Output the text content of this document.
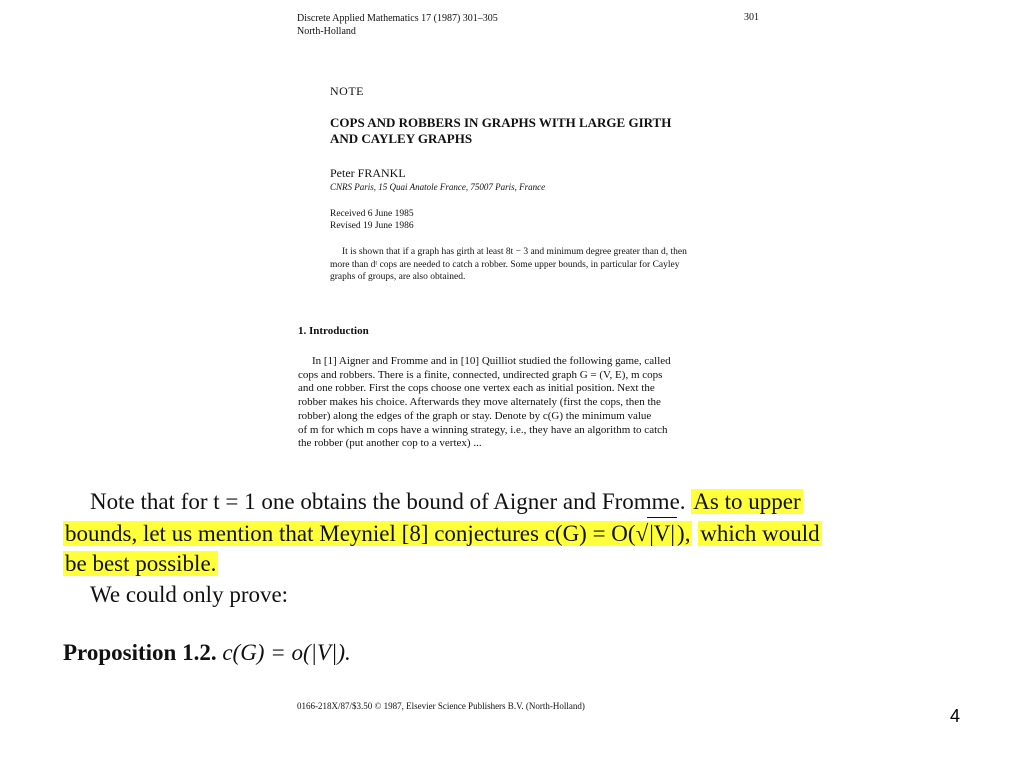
Discrete Applied Mathematics 17 (1987) 301–305
North-Holland
301
NOTE
COPS AND ROBBERS IN GRAPHS WITH LARGE GIRTH
AND CAYLEY GRAPHS
Peter FRANKL
CNRS Paris, 15 Quai Anatole France, 75007 Paris, France
Received 6 June 1985
Revised 19 June 1986
It is shown that if a graph has girth at least 8t − 3 and minimum degree greater than d, then
more than dᵗ cops are needed to catch a robber. Some upper bounds, in particular for Cayley
graphs of groups, are also obtained.
1. Introduction
In [1] Aigner and Fromme and in [10] Quilliot studied the following game, called
cops and robbers. There is a finite, connected, undirected graph G = (V, E), m cops
and one robber. First the cops choose one vertex each as initial position. Next the
robber makes his choice. Afterwards they move alternately (first the cops, then the
robber) along the edges of the graph or stay. Denote by c(G) the minimum value
of m for which m cops have a winning strategy, i.e., they have an algorithm to catch
the robber (put another cop to a vertex) ...
Note that for t = 1 one obtains the bound of Aigner and Fromme. As to upper
bounds, let us mention that Meyniel [8] conjectures c(G) = O(√|V|), which would
be best possible.
We could only prove:
Proposition 1.2. c(G) = o(|V|).
0166-218X/87/$3.50 © 1987, Elsevier Science Publishers B.V. (North-Holland)	4
